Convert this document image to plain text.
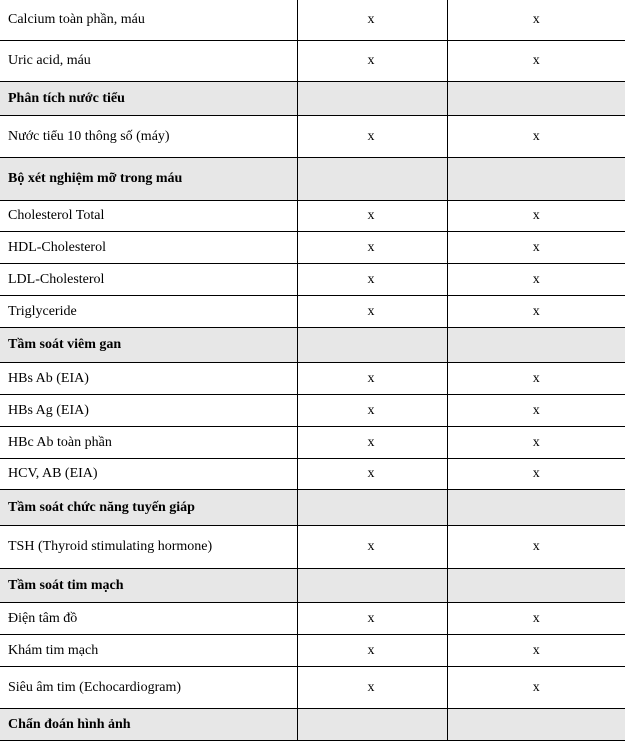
Calcium toàn phần, máu	x	x
Uric acid, máu	x	x
Phân tích nước tiểu		
Nước tiểu 10 thông số (máy)	x	x
Bộ xét nghiệm mỡ trong máu		
Cholesterol Total	x	x
HDL-Cholesterol	x	x
LDL-Cholesterol	x	x
Triglyceride	x	x
Tầm soát viêm gan		
HBs Ab (EIA)	x	x
HBs Ag (EIA)	x	x
HBc Ab toàn phần	x	x
HCV, AB (EIA)	x	x
Tầm soát chức năng tuyến giáp		
TSH (Thyroid stimulating hormone)	x	x
Tầm soát tim mạch		
Điện tâm đồ	x	x
Khám tim mạch	x	x
Siêu âm tim (Echocardiogram)	x	x
Chẩn đoán hình ảnh		
